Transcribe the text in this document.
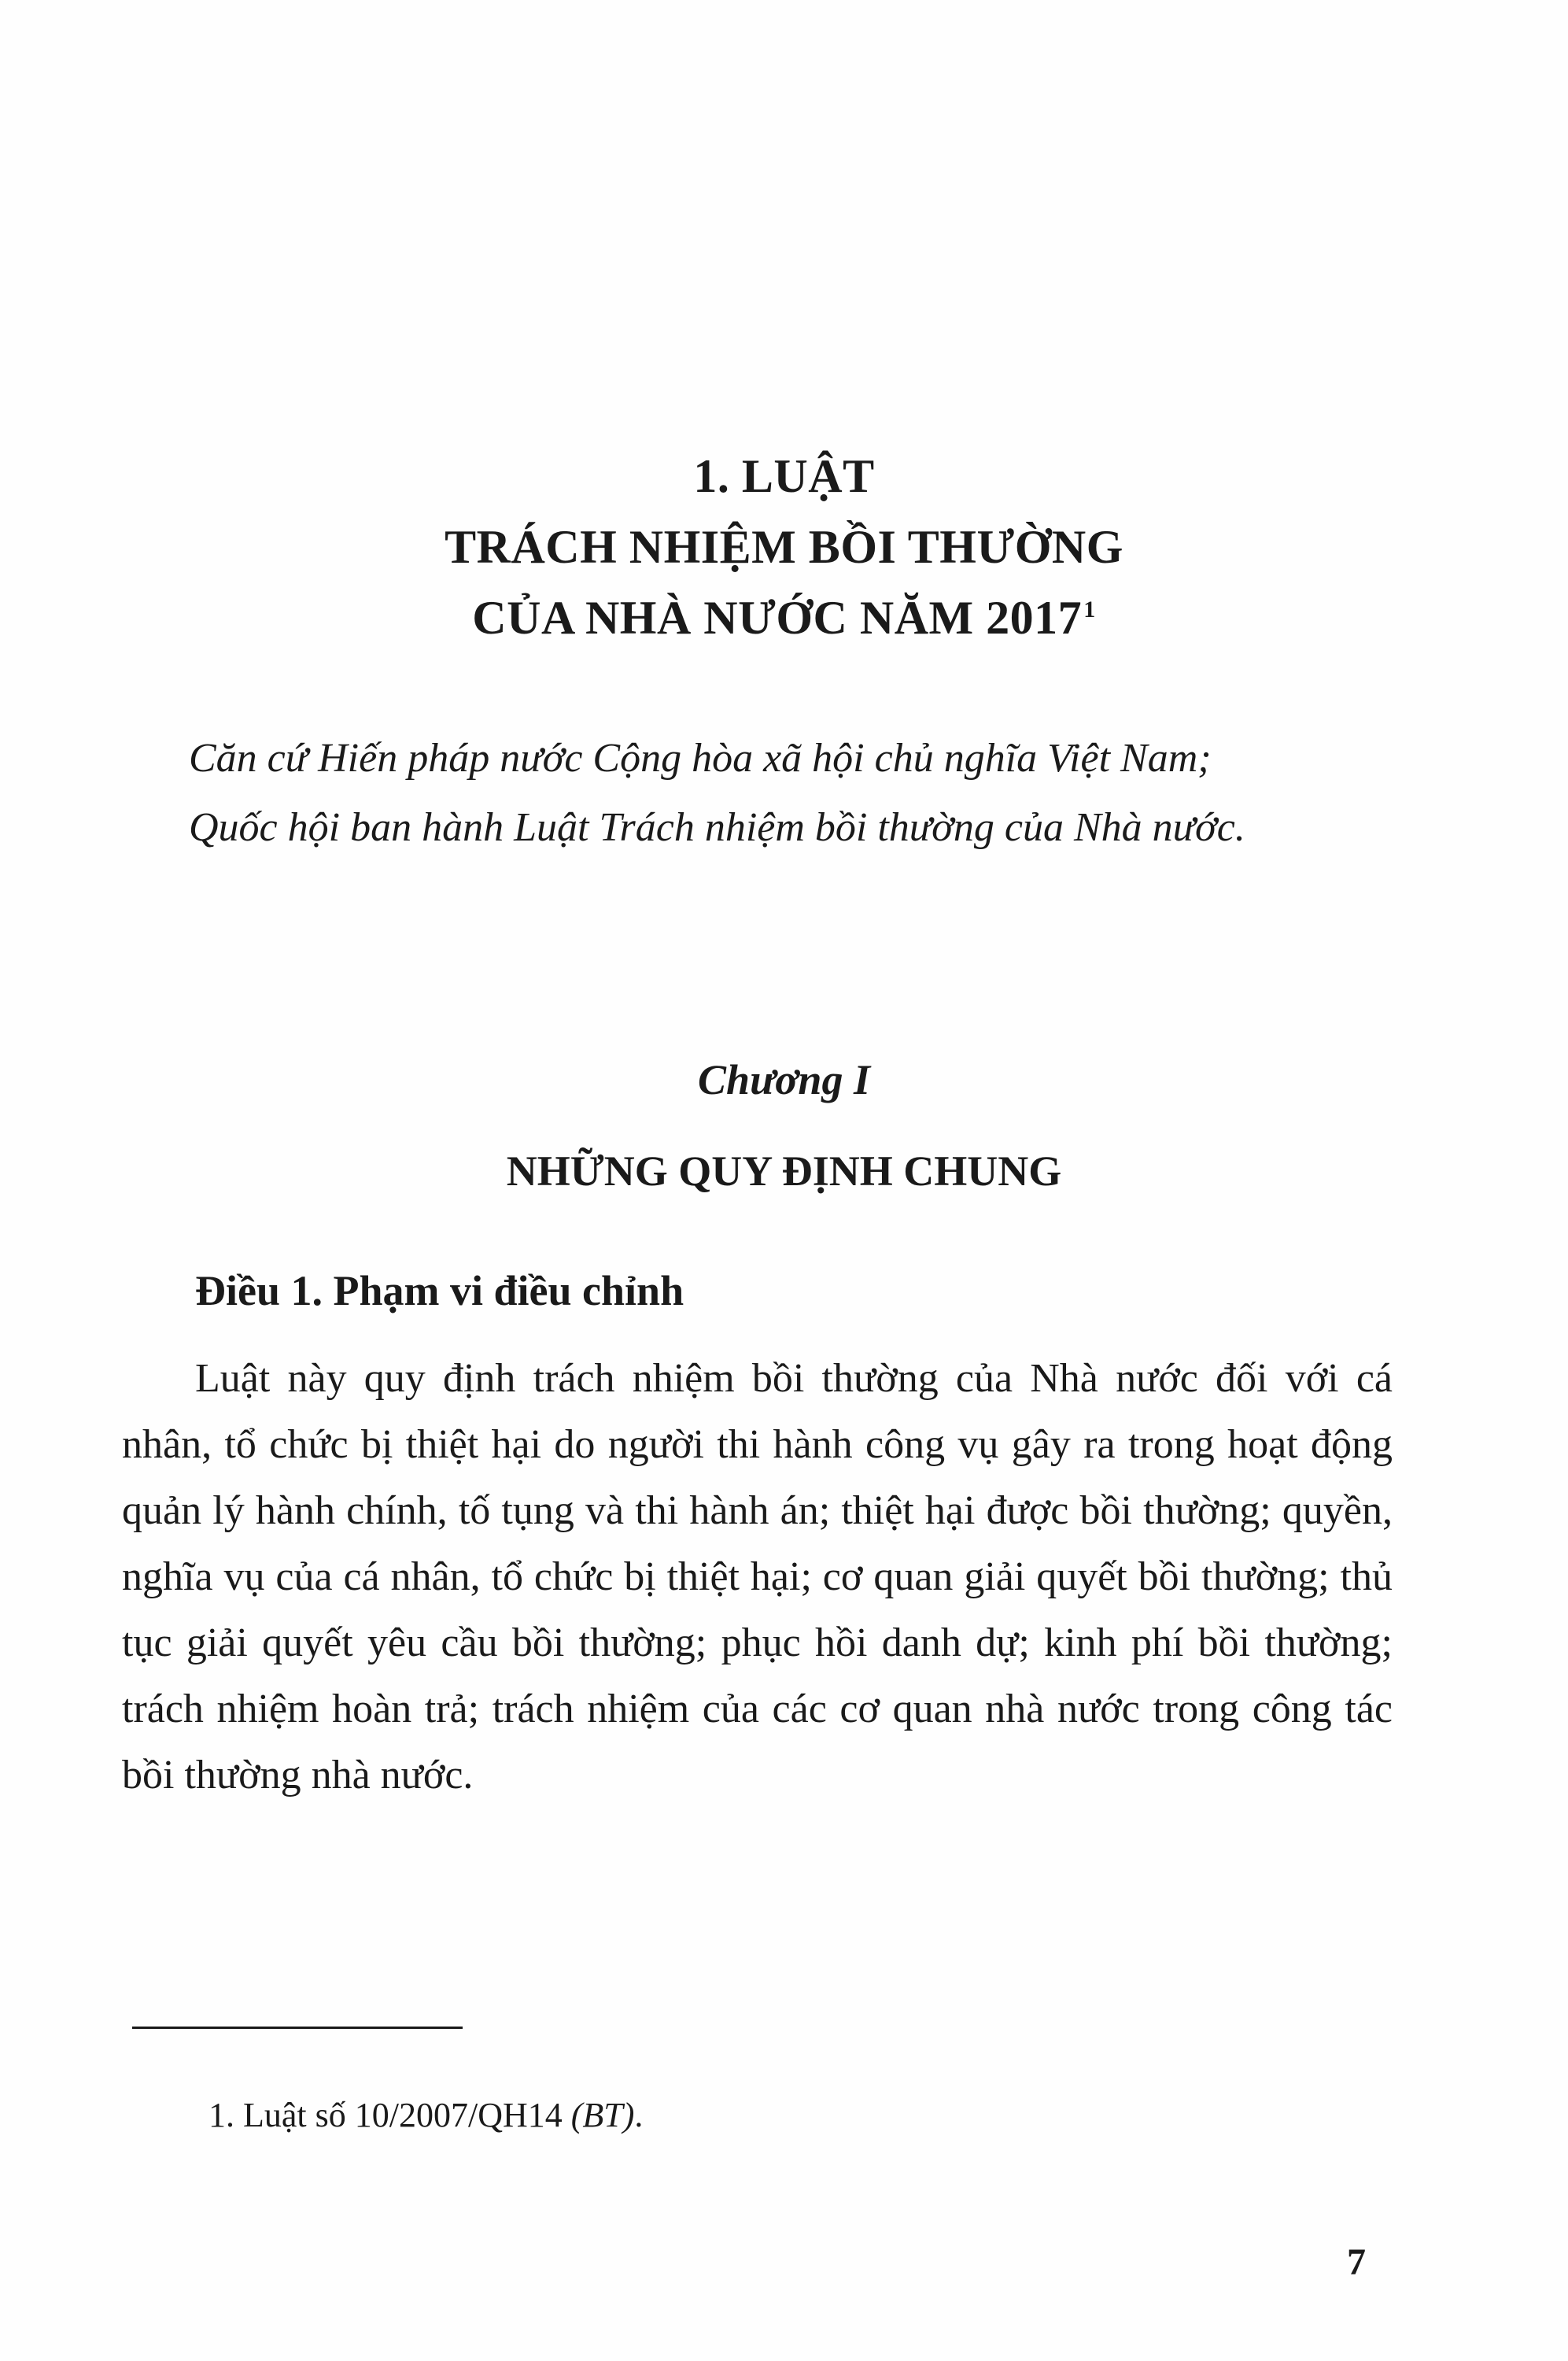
1. LUẬT
TRÁCH NHIỆM BỒI THƯỜNG
CỦA NHÀ NƯỚC NĂM 2017$^1$

Căn cứ Hiến pháp nước Cộng hòa xã hội chủ nghĩa Việt Nam;

Quốc hội ban hành Luật Trách nhiệm bồi thường của Nhà nước.

Chương I
NHỮNG QUY ĐỊNH CHUNG
Điều 1. Phạm vi điều chỉnh

Luật này quy định trách nhiệm bồi thường của Nhà nước đối với cá nhân, tổ chức bị thiệt hại do người thi hành công vụ gây ra trong hoạt động quản lý hành chính, tố tụng và thi hành án; thiệt hại được bồi thường; quyền, nghĩa vụ của cá nhân, tổ chức bị thiệt hại; cơ quan giải quyết bồi thường; thủ tục giải quyết yêu cầu bồi thường; phục hồi danh dự; kinh phí bồi thường; trách nhiệm hoàn trả; trách nhiệm của các cơ quan nhà nước trong công tác bồi thường nhà nước.

1. Luật số 10/2007/QH14 (BT).
7
